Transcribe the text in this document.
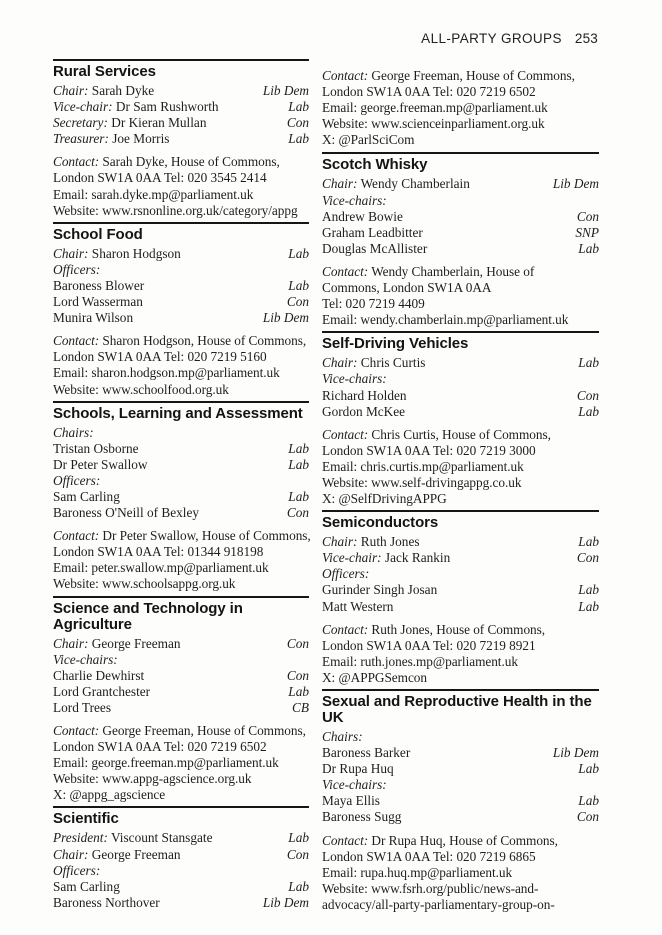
ALL-PARTY GROUPS 253
Rural Services
Chair: Sarah Dyke	Lib Dem
Vice-chair: Dr Sam Rushworth	Lab
Secretary: Dr Kieran Mullan	Con
Treasurer: Joe Morris	Lab
Contact: Sarah Dyke, House of Commons,
London SW1A 0AA Tel: 020 3545 2414
Email: sarah.dyke.mp@parliament.uk
Website: www.rsnonline.org.uk/category/appg
School Food
Chair: Sharon Hodgson	Lab
Officers:
Baroness Blower	Lab
Lord Wasserman	Con
Munira Wilson	Lib Dem
Contact: Sharon Hodgson, House of Commons,
London SW1A 0AA Tel: 020 7219 5160
Email: sharon.hodgson.mp@parliament.uk
Website: www.schoolfood.org.uk
Schools, Learning and Assessment
Chairs:
Tristan Osborne	Lab
Dr Peter Swallow	Lab
Officers:
Sam Carling	Lab
Baroness O'Neill of Bexley	Con
Contact: Dr Peter Swallow, House of Commons,
London SW1A 0AA Tel: 01344 918198
Email: peter.swallow.mp@parliament.uk
Website: www.schoolsappg.org.uk
Science and Technology in Agriculture
Chair: George Freeman	Con
Vice-chairs:
Charlie Dewhirst	Con
Lord Grantchester	Lab
Lord Trees	CB
Contact: George Freeman, House of Commons,
London SW1A 0AA Tel: 020 7219 6502
Email: george.freeman.mp@parliament.uk
Website: www.appg-agscience.org.uk
X: @appg_agscience
Scientific
President: Viscount Stansgate	Lab
Chair: George Freeman	Con
Officers:
Sam Carling	Lab
Baroness Northover	Lib Dem
Contact: George Freeman, House of Commons,
London SW1A 0AA Tel: 020 7219 6502
Email: george.freeman.mp@parliament.uk
Website: www.scienceinparliament.org.uk
X: @ParlSciCom
Scotch Whisky
Chair: Wendy Chamberlain	Lib Dem
Vice-chairs:
Andrew Bowie	Con
Graham Leadbitter	SNP
Douglas McAllister	Lab
Contact: Wendy Chamberlain, House of
Commons, London SW1A 0AA
Tel: 020 7219 4409
Email: wendy.chamberlain.mp@parliament.uk
Self-Driving Vehicles
Chair: Chris Curtis	Lab
Vice-chairs:
Richard Holden	Con
Gordon McKee	Lab
Contact: Chris Curtis, House of Commons,
London SW1A 0AA Tel: 020 7219 3000
Email: chris.curtis.mp@parliament.uk
Website: www.self-drivingappg.co.uk
X: @SelfDrivingAPPG
Semiconductors
Chair: Ruth Jones	Lab
Vice-chair: Jack Rankin	Con
Officers:
Gurinder Singh Josan	Lab
Matt Western	Lab
Contact: Ruth Jones, House of Commons,
London SW1A 0AA Tel: 020 7219 8921
Email: ruth.jones.mp@parliament.uk
X: @APPGSemcon
Sexual and Reproductive Health in the UK
Chairs:
Baroness Barker	Lib Dem
Dr Rupa Huq	Lab
Vice-chairs:
Maya Ellis	Lab
Baroness Sugg	Con
Contact: Dr Rupa Huq, House of Commons,
London SW1A 0AA Tel: 020 7219 6865
Email: rupa.huq.mp@parliament.uk
Website: www.fsrh.org/public/news-and-
advocacy/all-party-parliamentary-group-on-
